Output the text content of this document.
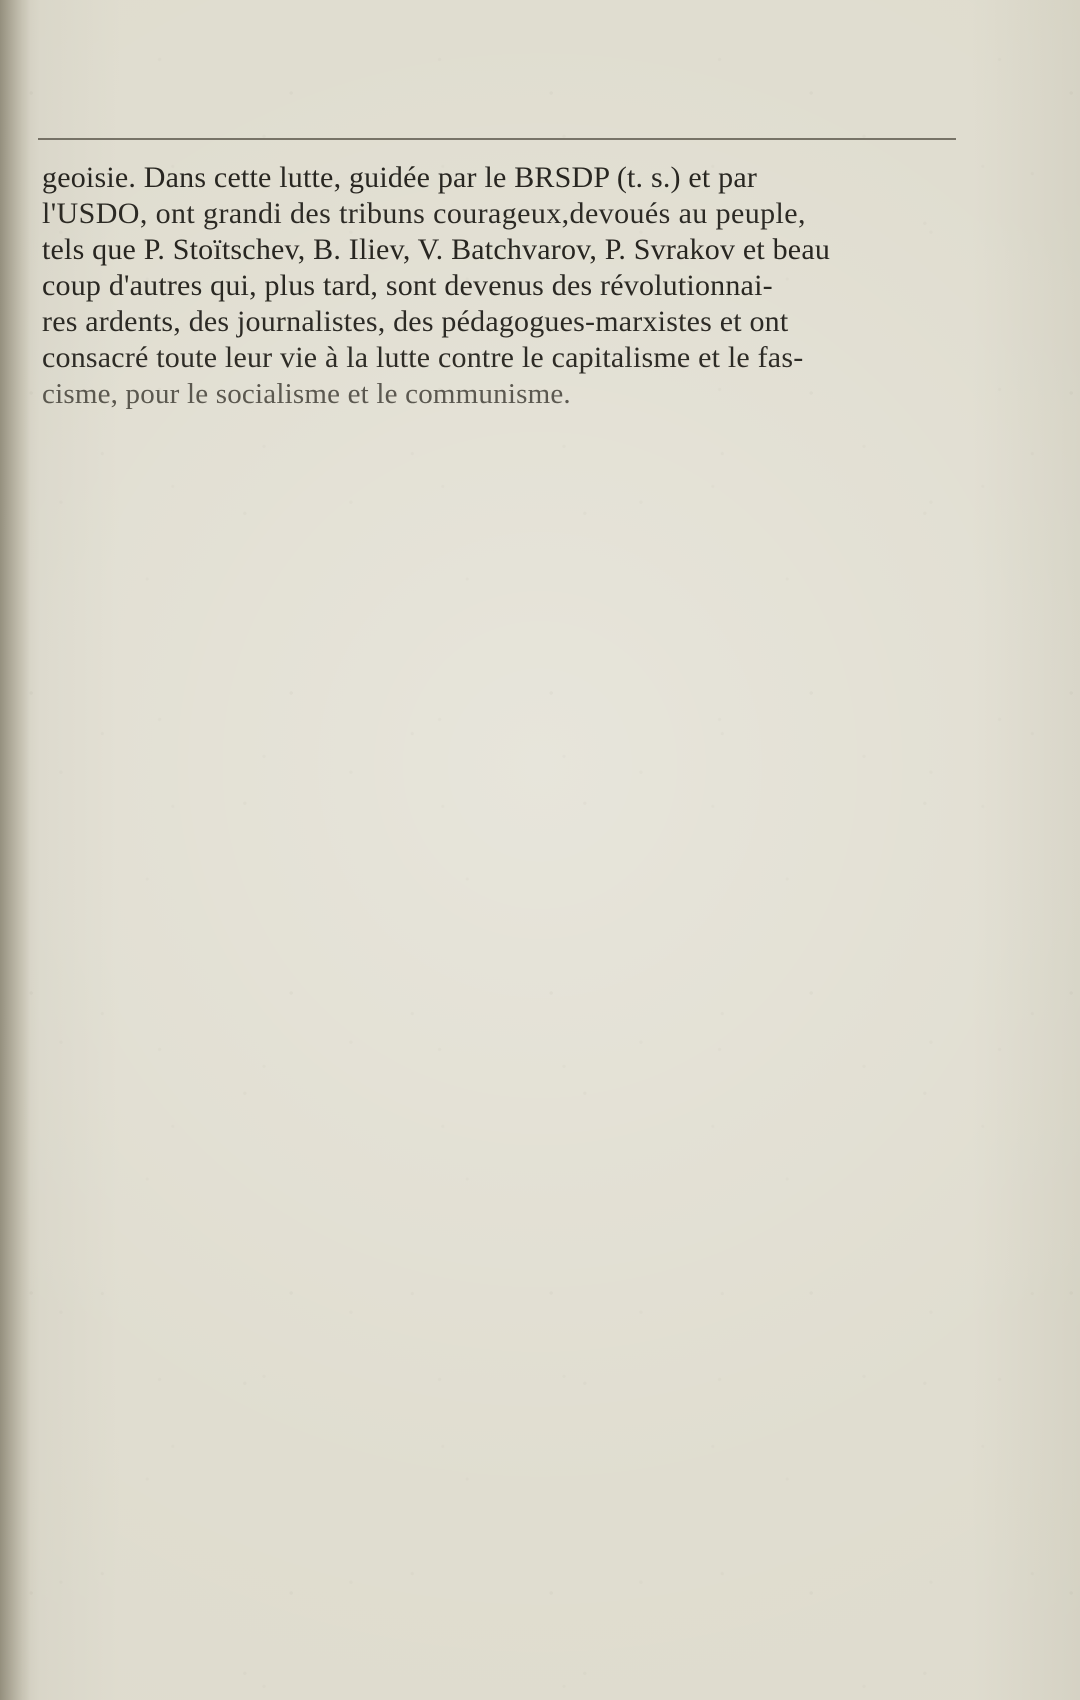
geoisie. Dans cette lutte, guidée par le BRSDP (t. s.) et par
l'USDO, ont grandi des tribuns courageux,devoués au peuple,
tels que P. Stoïtschev, B. Iliev, V. Batchvarov, P. Svrakov et beau
coup d'autres qui, plus tard, sont devenus des révolutionnai-
res ardents, des journalistes, des pédagogues-marxistes et ont
consacré toute leur vie à la lutte contre le capitalisme et le fas-
cisme, pour le socialisme et le communisme.
